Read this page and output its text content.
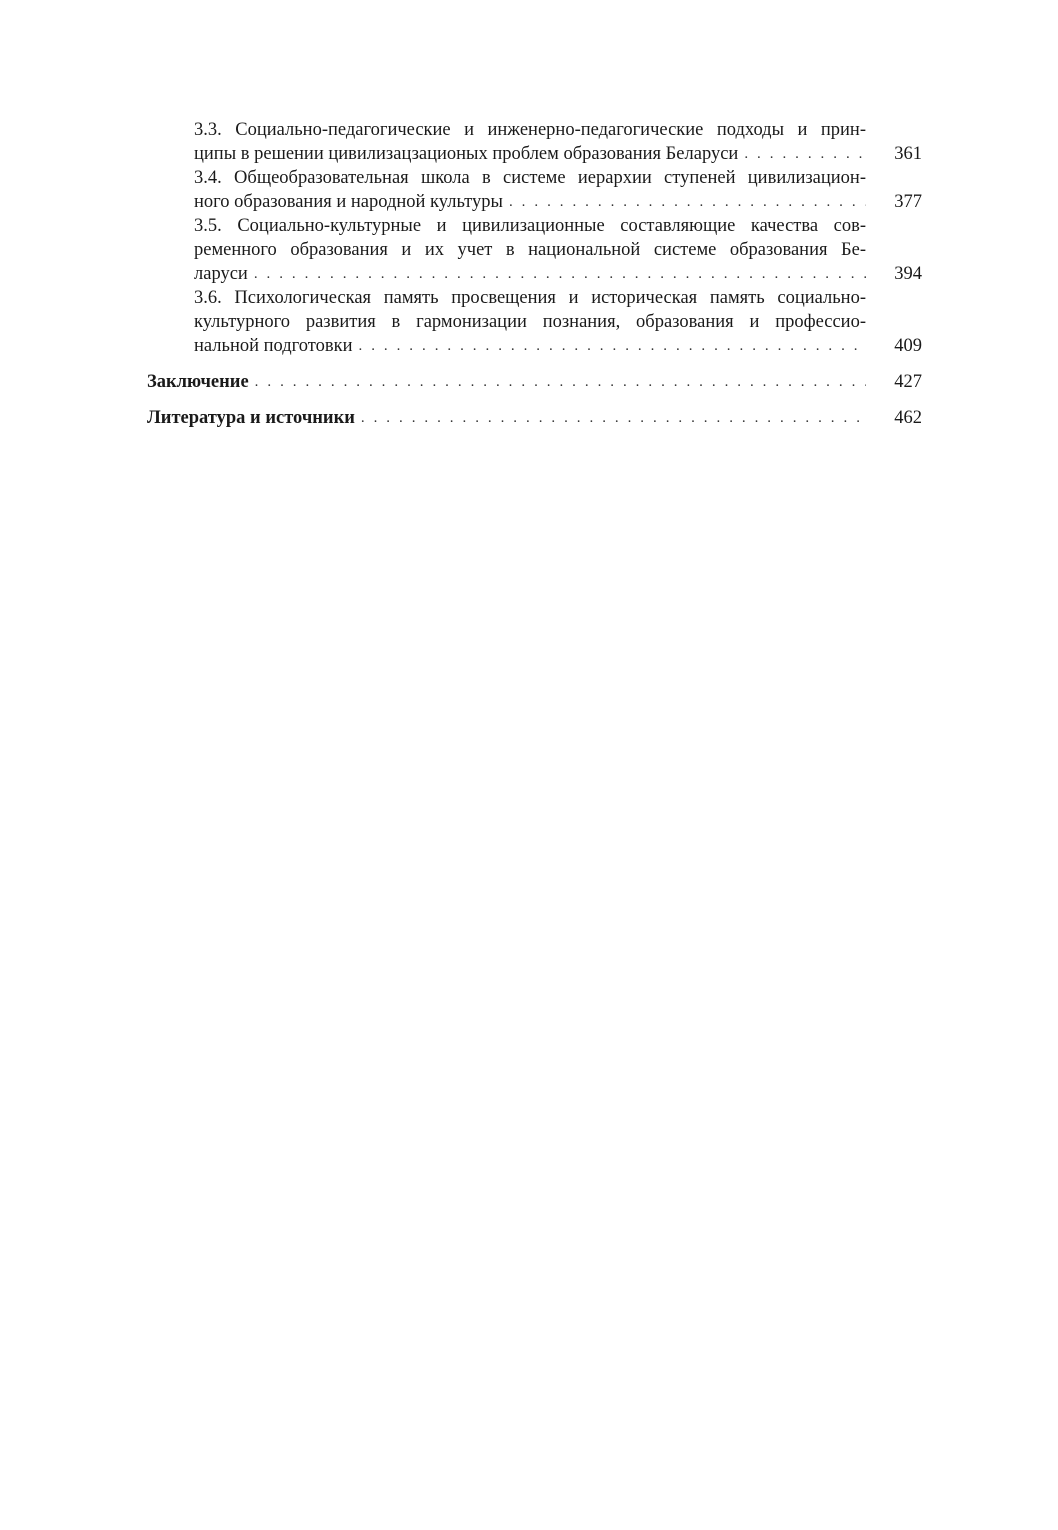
3.3. Социально-педагогические и инженерно-педагогические подходы и прин-
ципы в решении цивилизацзационых проблем образования Беларуси . . .	361
3.4. Общеобразовательная школа в системе иерархии ступеней цивилизацион-
ного образования и народной культуры . . .	377
3.5. Социально-культурные и цивилизационные составляющие качества сов-
ременного образования и их учет в национальной системе образования Бе-
ларуси . . .	394
3.6. Психологическая память просвещения и историческая память социально-
культурного развития в гармонизации познания, образования и профессио-
нальной подготовки . . .	409
Заключение . . .	427
Литература и источники . . .	462
